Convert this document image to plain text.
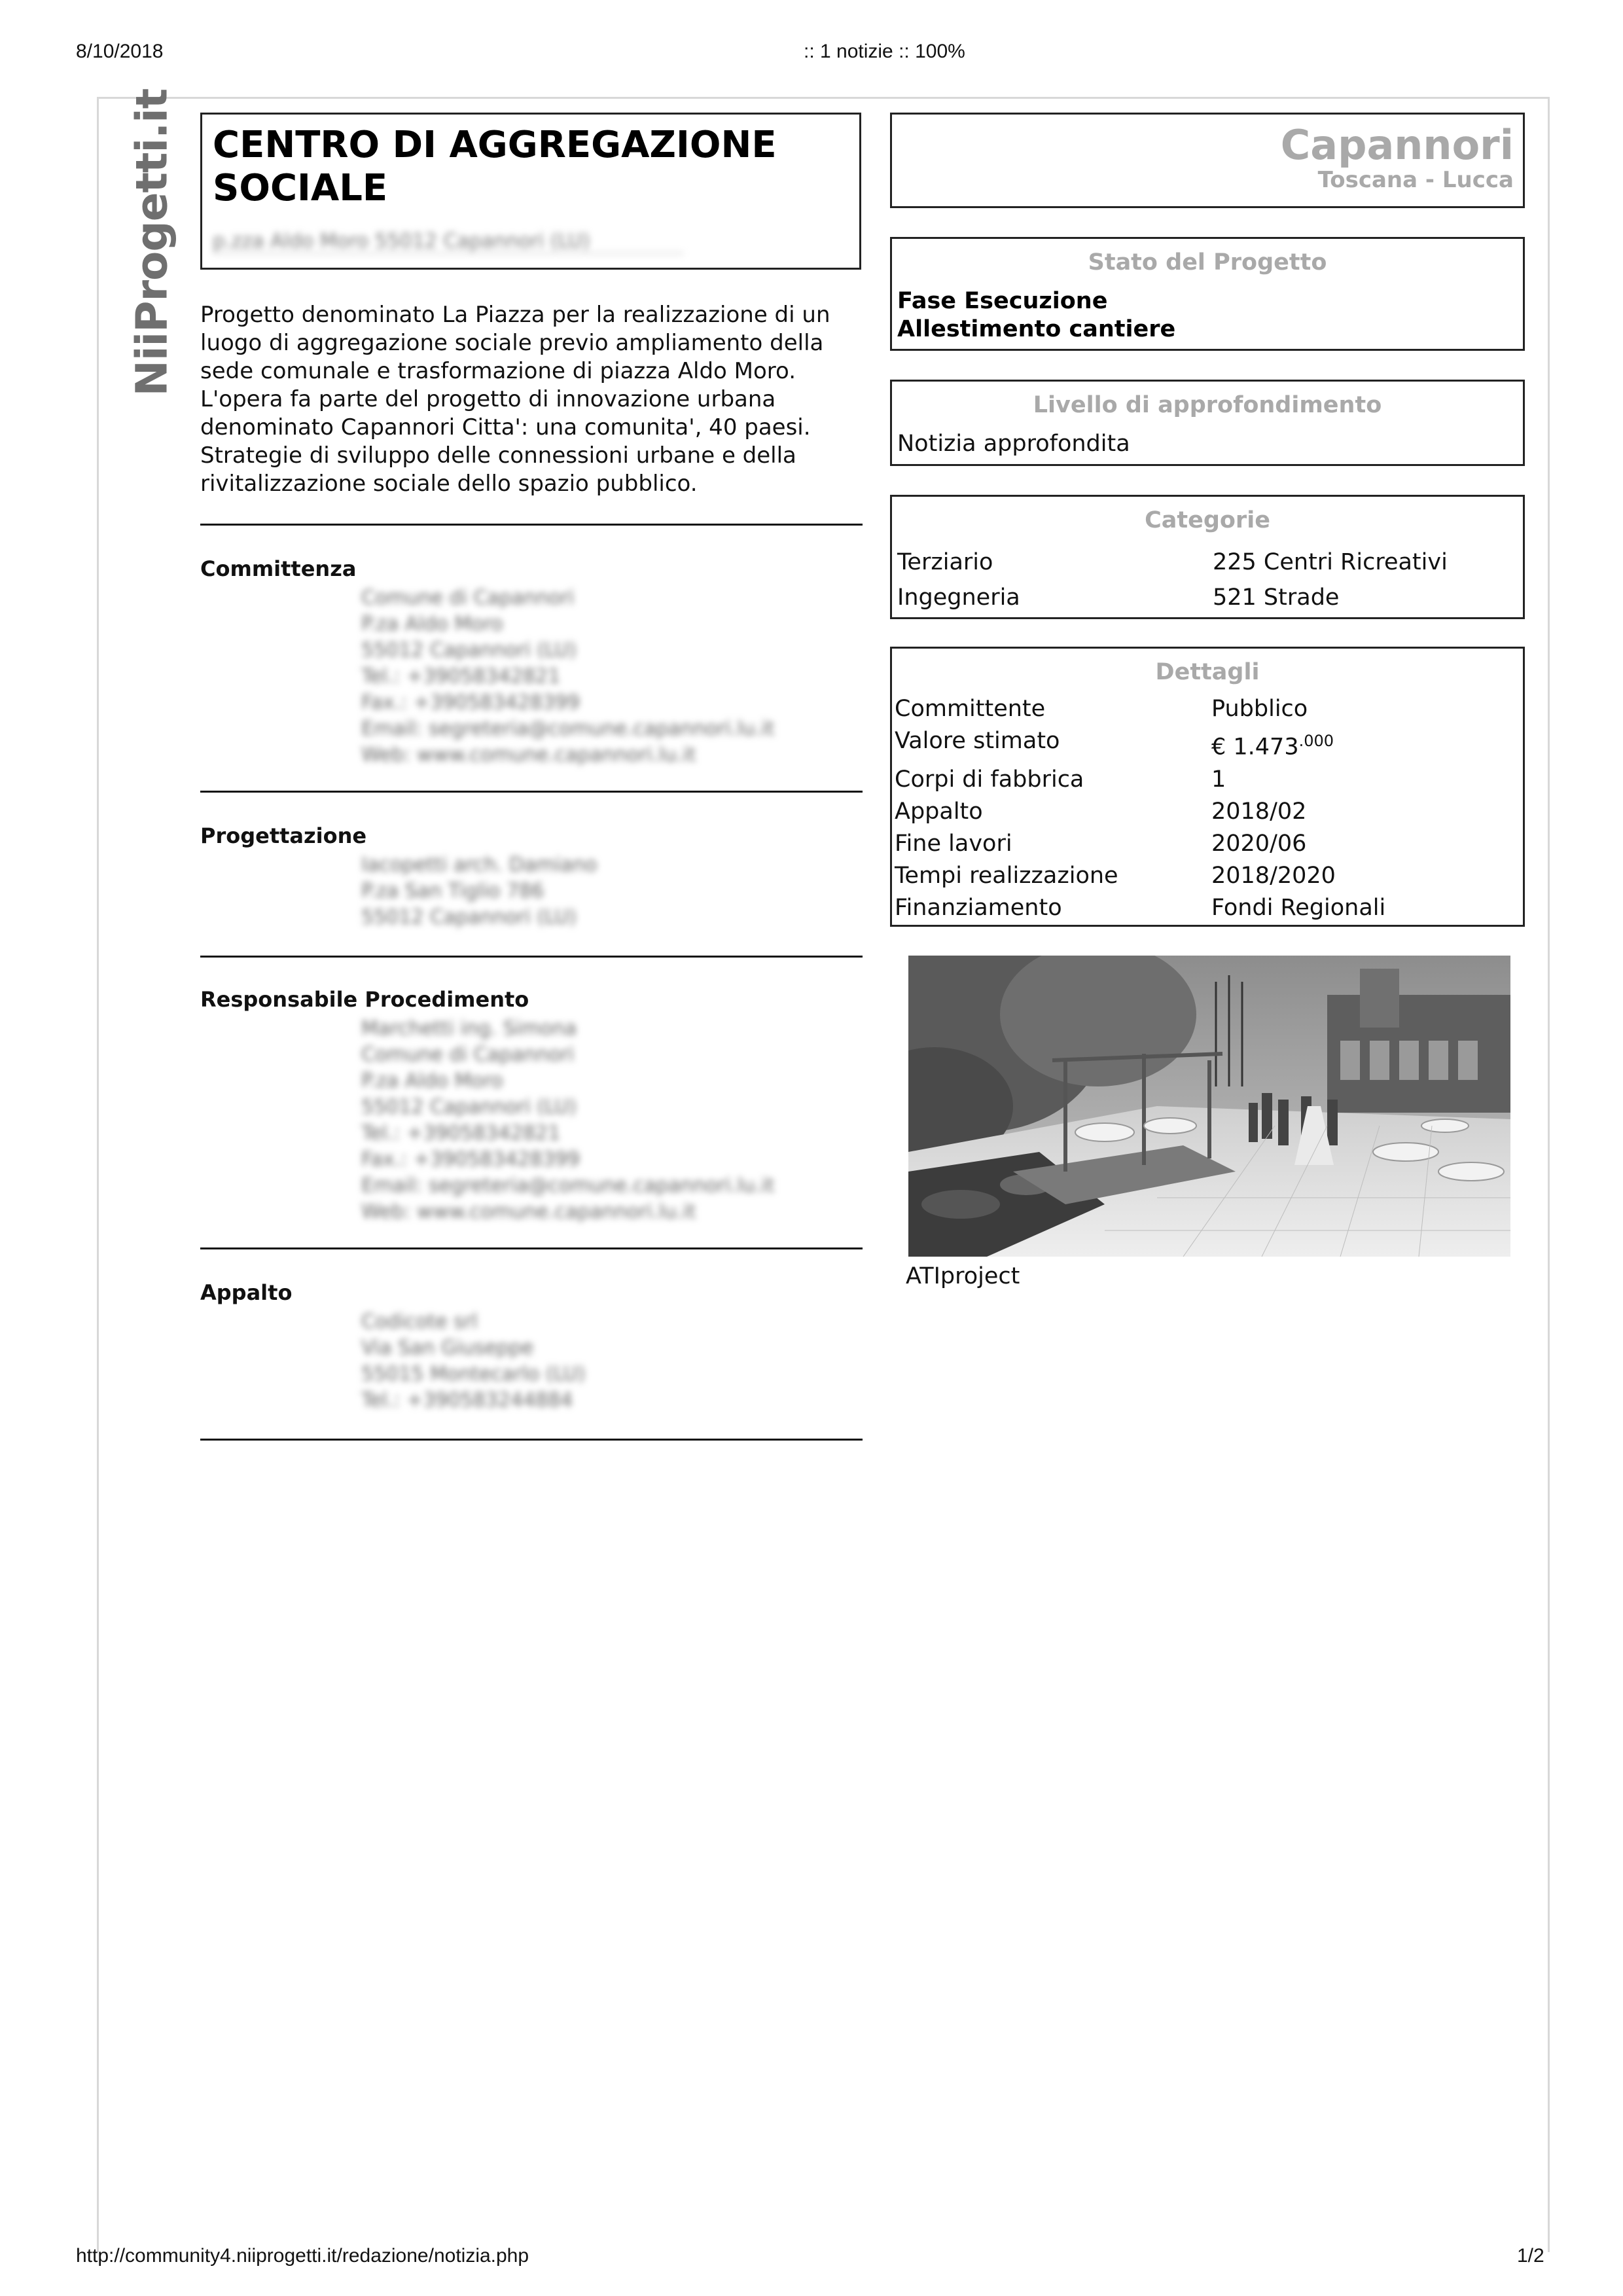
8/10/2018	:: 1 notizie :: 100%
NiiProgetti.it CENTRO DI AGGREGAZIONE SOCIALE
p.zza Aldo Moro 55012 Capannori (LU)
Progetto denominato La Piazza per la realizzazione di un luogo di aggregazione sociale previo ampliamento della sede comunale e trasformazione di piazza Aldo Moro. L'opera fa parte del progetto di innovazione urbana denominato Capannori Citta': una comunita', 40 paesi. Strategie di sviluppo delle connessioni urbane e della rivitalizzazione sociale dello spazio pubblico.
Committenza
Comune di Capannori
P.za Aldo Moro
55012 Capannori (LU)
Tel.: +39058342821
Fax.: +390583428399
Email: segreteria@comune.capannori.lu.it
Web: www.comune.capannori.lu.it
Progettazione
Iacopetti arch. Damiano
P.za San Tiglio 786
55012 Capannori (LU)
Responsabile Procedimento
Marchetti ing. Simona
Comune di Capannori
P.za Aldo Moro
55012 Capannori (LU)
Tel.: +39058342821
Fax.: +390583428399
Email: segreteria@comune.capannori.lu.it
Web: www.comune.capannori.lu.it
Appalto
Codicote srl
Via San Giuseppe
55015 Montecarlo (LU)
Tel.: +390583244884
Capannori
Toscana - Lucca
Stato del Progetto
Fase Esecuzione
Allestimento cantiere
Livello di approfondimento
Notizia approfondita
Categorie
Terziario	225 Centri Ricreativi
Ingegneria	521 Strade
Dettagli
Committente	Pubblico
Valore stimato	€ $1.473^{.000}$
Corpi di fabbrica	1
Appalto	2018/02
Fine lavori	2020/06
Tempi realizzazione	2018/2020
Finanziamento	Fondi Regionali
ATIproject
http://community4.niiprogetti.it/redazione/notizia.php	1/2
